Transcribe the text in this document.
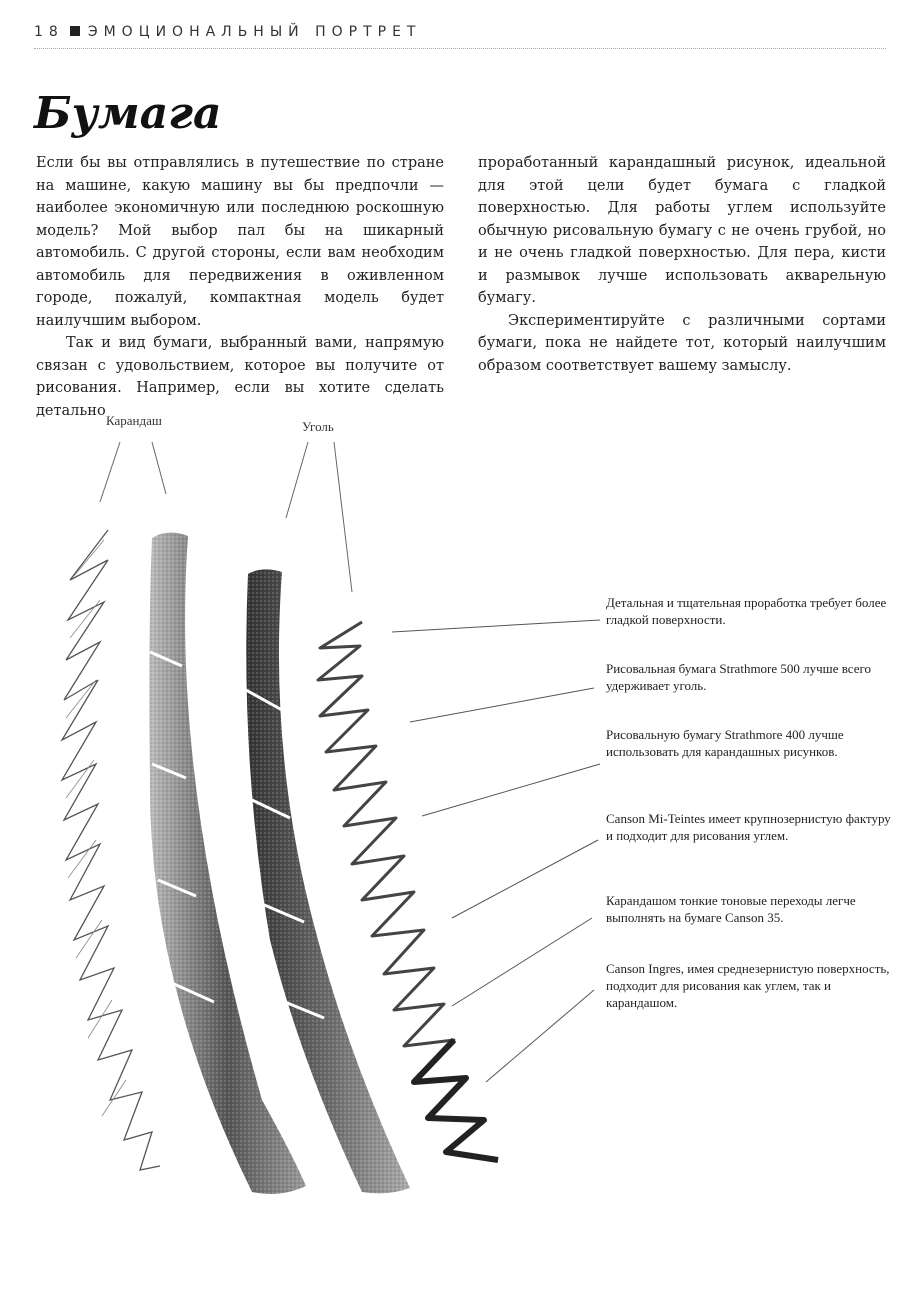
18 ЭМОЦИОНАЛЬНЫЙ ПОРТРЕТ
Бумага

Если бы вы отправлялись в путешествие по стране на машине, какую машину вы бы предпочли — наиболее экономичную или последнюю роскошную модель? Мой выбор пал бы на шикарный автомобиль. С другой стороны, если вам необходим автомобиль для передвижения в оживленном городе, пожалуй, компактная модель будет наилучшим выбором.

Так и вид бумаги, выбранный вами, напрямую связан с удовольствием, которое вы получите от рисования. Например, если вы хотите сделать детально

проработанный карандашный рисунок, идеальной для этой цели будет бумага с гладкой поверхностью. Для работы углем используйте обычную рисовальную бумагу с не очень грубой, но и не очень гладкой поверхностью. Для пера, кисти и размывок лучше использовать акварельную бумагу.

Экспериментируйте с различными сортами бумаги, пока не найдете тот, который наилучшим образом соответствует вашему замыслу.

Карандаш	Уголь
Детальная и тщательная проработка требует более гладкой поверхности.
Рисовальная бумага Strathmore 500 лучше всего удерживает уголь.
Рисовальную бумагу Strathmore 400 лучше использовать для карандашных рисунков.
Canson Mi-Teintes имеет крупнозернистую фактуру и подходит для рисования углем.
Карандашом тонкие тоновые переходы легче выполнять на бумаге Canson 35.
Canson Ingres, имея среднезернистую поверхность, подходит для рисования как углем, так и карандашом.
